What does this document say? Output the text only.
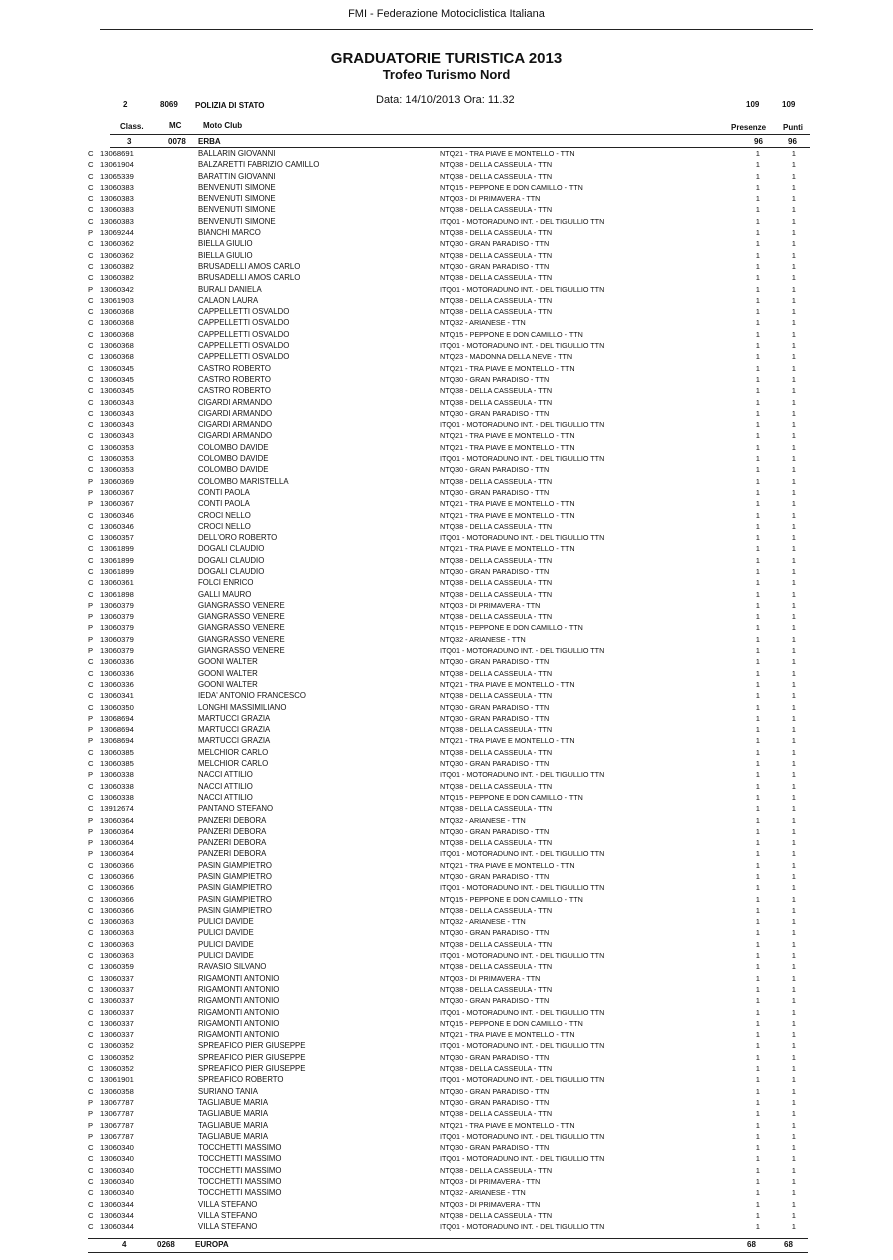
FMI - Federazione Motociclistica Italiana
GRADUATORIE TURISTICA 2013
Trofeo Turismo Nord
Data: 14/10/2013 Ora: 11.32
2	8069 POLIZIA DI STATO	109	109
Class.	MC	Moto Club	Presenze Punti
3	0078 ERBA	96	96
C 13068691	BALLARIN GIOVANNI	NTQ21 - TRA PIAVE E MONTELLO - TTN	1	1
C 13061904	BALZARETTI FABRIZIO CAMILLO	NTQ38 - DELLA CASSEULA - TTN	1	1
C 13065339	BARATTIN GIOVANNI	NTQ38 - DELLA CASSEULA - TTN	1	1
C 13060383	BENVENUTI SIMONE	NTQ15 - PEPPONE E DON CAMILLO - TTN	1	1
C 13060383	BENVENUTI SIMONE	NTQ03 - DI PRIMAVERA - TTN	1	1
C 13060383	BENVENUTI SIMONE	NTQ38 - DELLA CASSEULA - TTN	1	1
C 13060383	BENVENUTI SIMONE	ITQ01 - MOTORADUNO INT. - DEL TIGULLIO TTN	1	1
P 13069244	BIANCHI MARCO	NTQ38 - DELLA CASSEULA - TTN	1	1
C 13060362	BIELLA GIULIO	NTQ30 - GRAN PARADISO - TTN	1	1
C 13060362	BIELLA GIULIO	NTQ38 - DELLA CASSEULA - TTN	1	1
C 13060382	BRUSADELLI AMOS CARLO	NTQ30 - GRAN PARADISO - TTN	1	1
C 13060382	BRUSADELLI AMOS CARLO	NTQ38 - DELLA CASSEULA - TTN	1	1
P 13060342	BURALI DANIELA	ITQ01 - MOTORADUNO INT. - DEL TIGULLIO TTN	1	1
C 13061903	CALAON LAURA	NTQ38 - DELLA CASSEULA - TTN	1	1
C 13060368	CAPPELLETTI OSVALDO	NTQ38 - DELLA CASSEULA - TTN	1	1
C 13060368	CAPPELLETTI OSVALDO	NTQ32 - ARIANESE - TTN	1	1
C 13060368	CAPPELLETTI OSVALDO	NTQ15 - PEPPONE E DON CAMILLO - TTN	1	1
C 13060368	CAPPELLETTI OSVALDO	ITQ01 - MOTORADUNO INT. - DEL TIGULLIO TTN	1	1
C 13060368	CAPPELLETTI OSVALDO	NTQ23 - MADONNA DELLA NEVE - TTN	1	1
C 13060345	CASTRO ROBERTO	NTQ21 - TRA PIAVE E MONTELLO - TTN	1	1
C 13060345	CASTRO ROBERTO	NTQ30 - GRAN PARADISO - TTN	1	1
C 13060345	CASTRO ROBERTO	NTQ38 - DELLA CASSEULA - TTN	1	1
C 13060343	CIGARDI ARMANDO	NTQ38 - DELLA CASSEULA - TTN	1	1
C 13060343	CIGARDI ARMANDO	NTQ30 - GRAN PARADISO - TTN	1	1
C 13060343	CIGARDI ARMANDO	ITQ01 - MOTORADUNO INT. - DEL TIGULLIO TTN	1	1
C 13060343	CIGARDI ARMANDO	NTQ21 - TRA PIAVE E MONTELLO - TTN	1	1
C 13060353	COLOMBO DAVIDE	NTQ21 - TRA PIAVE E MONTELLO - TTN	1	1
C 13060353	COLOMBO DAVIDE	ITQ01 - MOTORADUNO INT. - DEL TIGULLIO TTN	1	1
C 13060353	COLOMBO DAVIDE	NTQ30 - GRAN PARADISO - TTN	1	1
P 13060369	COLOMBO MARISTELLA	NTQ38 - DELLA CASSEULA - TTN	1	1
P 13060367	CONTI PAOLA	NTQ30 - GRAN PARADISO - TTN	1	1
P 13060367	CONTI PAOLA	NTQ21 - TRA PIAVE E MONTELLO - TTN	1	1
C 13060346	CROCI NELLO	NTQ21 - TRA PIAVE E MONTELLO - TTN	1	1
C 13060346	CROCI NELLO	NTQ38 - DELLA CASSEULA - TTN	1	1
C 13060357	DELL'ORO ROBERTO	ITQ01 - MOTORADUNO INT. - DEL TIGULLIO TTN	1	1
C 13061899	DOGALI CLAUDIO	NTQ21 - TRA PIAVE E MONTELLO - TTN	1	1
C 13061899	DOGALI CLAUDIO	NTQ38 - DELLA CASSEULA - TTN	1	1
C 13061899	DOGALI CLAUDIO	NTQ30 - GRAN PARADISO - TTN	1	1
C 13060361	FOLCI ENRICO	NTQ38 - DELLA CASSEULA - TTN	1	1
C 13061898	GALLI MAURO	NTQ38 - DELLA CASSEULA - TTN	1	1
P 13060379	GIANGRASSO VENERE	NTQ03 - DI PRIMAVERA - TTN	1	1
P 13060379	GIANGRASSO VENERE	NTQ38 - DELLA CASSEULA - TTN	1	1
P 13060379	GIANGRASSO VENERE	NTQ15 - PEPPONE E DON CAMILLO - TTN	1	1
P 13060379	GIANGRASSO VENERE	NTQ32 - ARIANESE - TTN	1	1
P 13060379	GIANGRASSO VENERE	ITQ01 - MOTORADUNO INT. - DEL TIGULLIO TTN	1	1
C 13060336	GOONI WALTER	NTQ30 - GRAN PARADISO - TTN	1	1
C 13060336	GOONI WALTER	NTQ38 - DELLA CASSEULA - TTN	1	1
C 13060336	GOONI WALTER	NTQ21 - TRA PIAVE E MONTELLO - TTN	1	1
C 13060341	IEDA' ANTONIO FRANCESCO	NTQ38 - DELLA CASSEULA - TTN	1	1
C 13060350	LONGHI MASSIMILIANO	NTQ30 - GRAN PARADISO - TTN	1	1
P 13068694	MARTUCCI GRAZIA	NTQ30 - GRAN PARADISO - TTN	1	1
P 13068694	MARTUCCI GRAZIA	NTQ38 - DELLA CASSEULA - TTN	1	1
P 13068694	MARTUCCI GRAZIA	NTQ21 - TRA PIAVE E MONTELLO - TTN	1	1
C 13060385	MELCHIOR CARLO	NTQ38 - DELLA CASSEULA - TTN	1	1
C 13060385	MELCHIOR CARLO	NTQ30 - GRAN PARADISO - TTN	1	1
P 13060338	NACCI ATTILIO	ITQ01 - MOTORADUNO INT. - DEL TIGULLIO TTN	1	1
C 13060338	NACCI ATTILIO	NTQ38 - DELLA CASSEULA - TTN	1	1
C 13060338	NACCI ATTILIO	NTQ15 - PEPPONE E DON CAMILLO - TTN	1	1
C 13912674	PANTANO STEFANO	NTQ38 - DELLA CASSEULA - TTN	1	1
P 13060364	PANZERI DEBORA	NTQ32 - ARIANESE - TTN	1	1
P 13060364	PANZERI DEBORA	NTQ30 - GRAN PARADISO - TTN	1	1
P 13060364	PANZERI DEBORA	NTQ38 - DELLA CASSEULA - TTN	1	1
P 13060364	PANZERI DEBORA	ITQ01 - MOTORADUNO INT. - DEL TIGULLIO TTN	1	1
C 13060366	PASIN GIAMPIETRO	NTQ21 - TRA PIAVE E MONTELLO - TTN	1	1
C 13060366	PASIN GIAMPIETRO	NTQ30 - GRAN PARADISO - TTN	1	1
C 13060366	PASIN GIAMPIETRO	ITQ01 - MOTORADUNO INT. - DEL TIGULLIO TTN	1	1
C 13060366	PASIN GIAMPIETRO	NTQ15 - PEPPONE E DON CAMILLO - TTN	1	1
C 13060366	PASIN GIAMPIETRO	NTQ38 - DELLA CASSEULA - TTN	1	1
C 13060363	PULICI DAVIDE	NTQ32 - ARIANESE - TTN	1	1
C 13060363	PULICI DAVIDE	NTQ30 - GRAN PARADISO - TTN	1	1
C 13060363	PULICI DAVIDE	NTQ38 - DELLA CASSEULA - TTN	1	1
C 13060363	PULICI DAVIDE	ITQ01 - MOTORADUNO INT. - DEL TIGULLIO TTN	1	1
C 13060359	RAVASIO SILVANO	NTQ38 - DELLA CASSEULA - TTN	1	1
C 13060337	RIGAMONTI ANTONIO	NTQ03 - DI PRIMAVERA - TTN	1	1
C 13060337	RIGAMONTI ANTONIO	NTQ38 - DELLA CASSEULA - TTN	1	1
C 13060337	RIGAMONTI ANTONIO	NTQ30 - GRAN PARADISO - TTN	1	1
C 13060337	RIGAMONTI ANTONIO	ITQ01 - MOTORADUNO INT. - DEL TIGULLIO TTN	1	1
C 13060337	RIGAMONTI ANTONIO	NTQ15 - PEPPONE E DON CAMILLO - TTN	1	1
C 13060337	RIGAMONTI ANTONIO	NTQ21 - TRA PIAVE E MONTELLO - TTN	1	1
C 13060352	SPREAFICO PIER GIUSEPPE	ITQ01 - MOTORADUNO INT. - DEL TIGULLIO TTN	1	1
C 13060352	SPREAFICO PIER GIUSEPPE	NTQ30 - GRAN PARADISO - TTN	1	1
C 13060352	SPREAFICO PIER GIUSEPPE	NTQ38 - DELLA CASSEULA - TTN	1	1
C 13061901	SPREAFICO ROBERTO	ITQ01 - MOTORADUNO INT. - DEL TIGULLIO TTN	1	1
C 13060358	SURIANO TANIA	NTQ30 - GRAN PARADISO - TTN	1	1
P 13067787	TAGLIABUE MARIA	NTQ30 - GRAN PARADISO - TTN	1	1
P 13067787	TAGLIABUE MARIA	NTQ38 - DELLA CASSEULA - TTN	1	1
P 13067787	TAGLIABUE MARIA	NTQ21 - TRA PIAVE E MONTELLO - TTN	1	1
P 13067787	TAGLIABUE MARIA	ITQ01 - MOTORADUNO INT. - DEL TIGULLIO TTN	1	1
C 13060340	TOCCHETTI MASSIMO	NTQ30 - GRAN PARADISO - TTN	1	1
C 13060340	TOCCHETTI MASSIMO	ITQ01 - MOTORADUNO INT. - DEL TIGULLIO TTN	1	1
C 13060340	TOCCHETTI MASSIMO	NTQ38 - DELLA CASSEULA - TTN	1	1
C 13060340	TOCCHETTI MASSIMO	NTQ03 - DI PRIMAVERA - TTN	1	1
C 13060340	TOCCHETTI MASSIMO	NTQ32 - ARIANESE - TTN	1	1
C 13060344	VILLA STEFANO	NTQ03 - DI PRIMAVERA - TTN	1	1
C 13060344	VILLA STEFANO	NTQ38 - DELLA CASSEULA - TTN	1	1
C 13060344	VILLA STEFANO	ITQ01 - MOTORADUNO INT. - DEL TIGULLIO TTN	1	1
4	0268	EUROPA	68	68
